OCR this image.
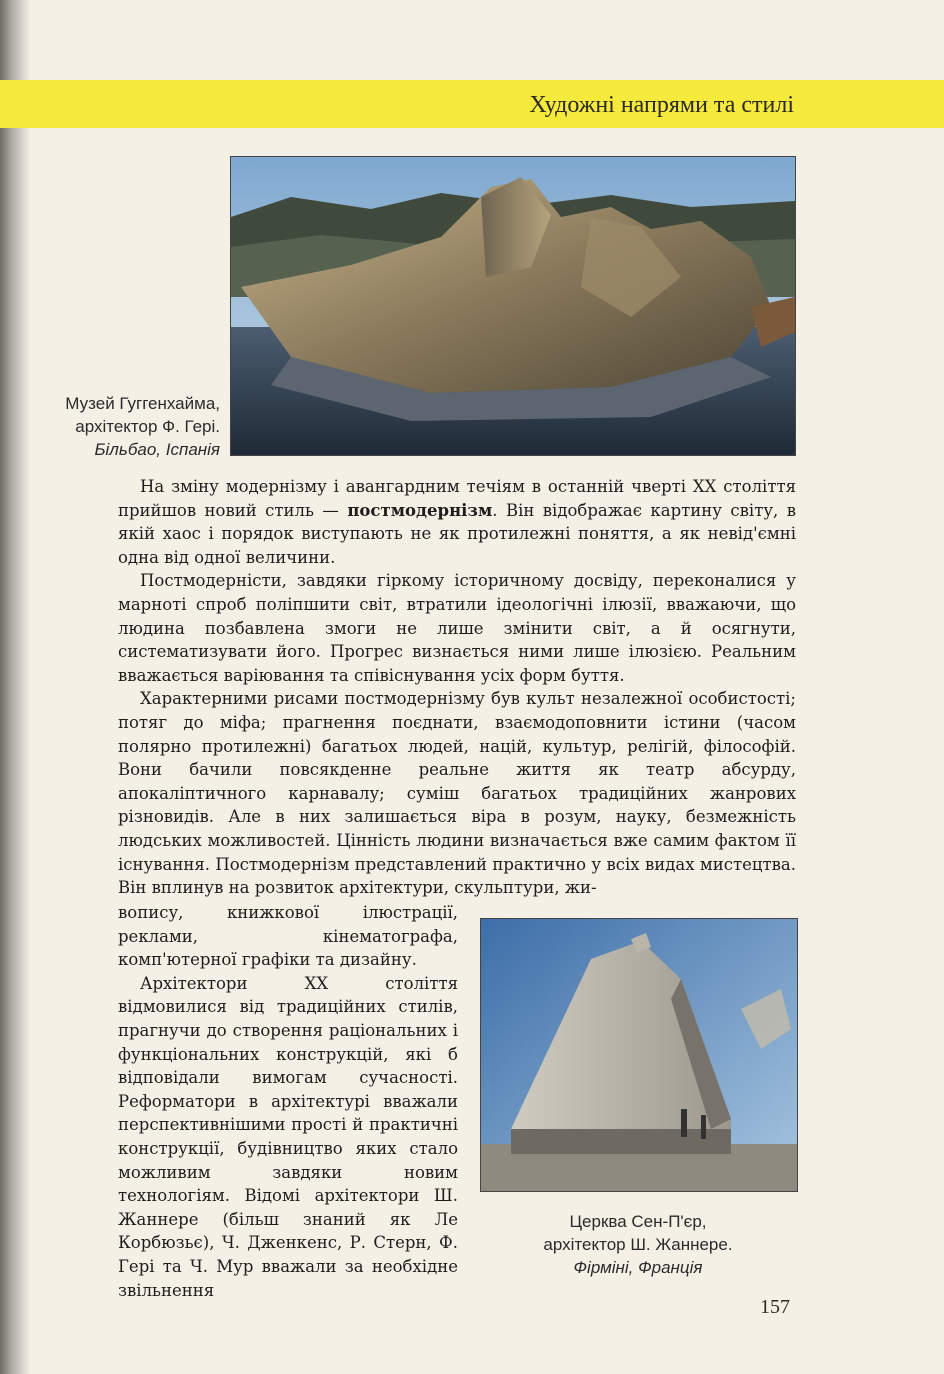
Художні напрями та стилі
Музей Гуггенхайма,
архітектор Ф. Гері.
Більбао, Іспанія

На зміну модернізму і авангардним течіям в останній чверті XX століття прийшов новий стиль — постмодернізм. Він відображає картину світу, в якій хаос і порядок виступають не як протилежні поняття, а як невід'ємні одна від одної величини.

Постмодерністи, завдяки гіркому історичному досвіду, переконалися у марноті спроб поліпшити світ, втратили ідеологічні ілюзії, вважаючи, що людина позбавлена змоги не лише змінити світ, а й осягнути, систематизувати його. Прогрес визнається ними лише ілюзією. Реальним вважається варіювання та співіснування усіх форм буття.

Характерними рисами постмодернізму був культ незалежної особистості; потяг до міфа; прагнення поєднати, взаємодоповнити істини (часом полярно протилежні) багатьох людей, націй, культур, релігій, філософій. Вони бачили повсякденне реальне життя як театр абсурду, апокаліптичного карнавалу; суміш багатьох традиційних жанрових різновидів. Але в них залишається віра в розум, науку, безмежність людських можливостей. Цінність людини визначається вже самим фактом її існування. Постмодернізм представлений практично у всіх видах мистецтва. Він вплинув на розвиток архітектури, скульптури, жи-

вопису, книжкової ілюстрації, реклами, кінематографа, комп'ютерної графіки та дизайну.

Архітектори XX століття відмовилися від традиційних стилів, прагнучи до створення раціональних і функціональних конструкцій, які б відповідали вимогам сучасності. Реформатори в архітектурі вважали перспективнішими прості й практичні конструкції, будівництво яких стало можливим завдяки новим технологіям. Відомі архітектори Ш. Жаннере (більш знаний як Ле Корбюзьє), Ч. Дженкенс, Р. Стерн, Ф. Гері та Ч. Мур вважали за необхідне звільнення

Церква Сен-П'єр,
архітектор Ш. Жаннере.
Фірміні, Франція
157
